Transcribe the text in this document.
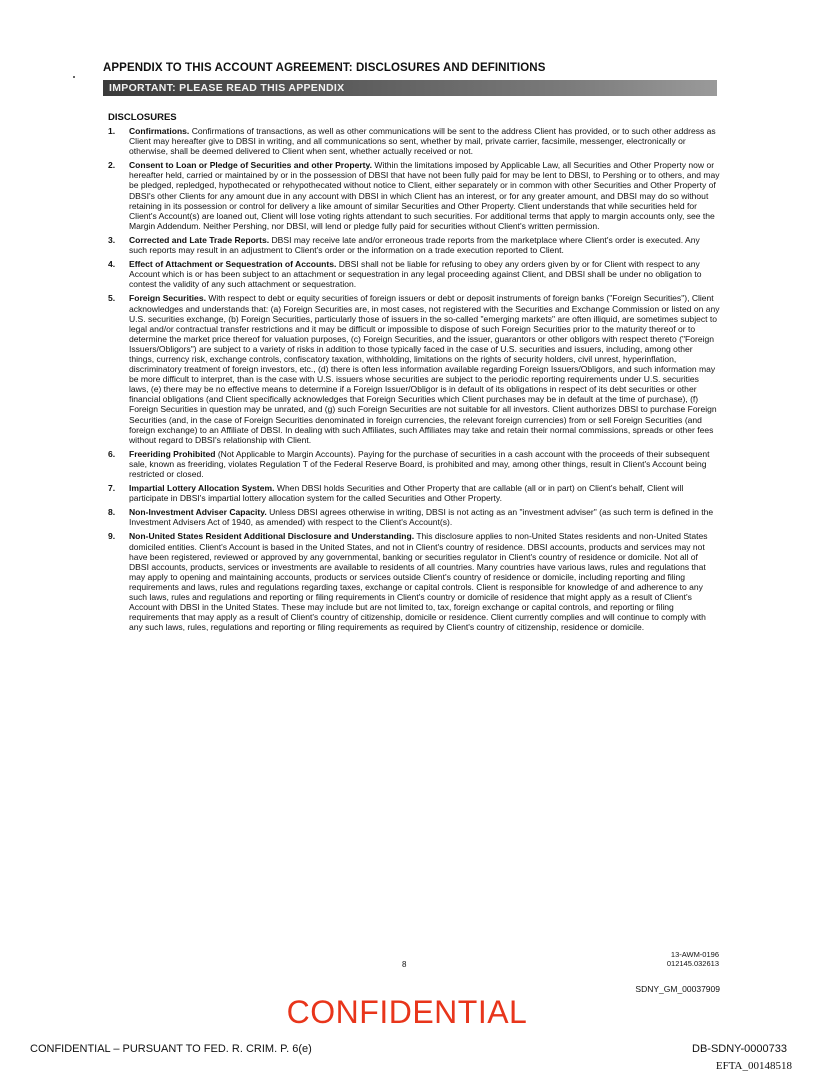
APPENDIX TO THIS ACCOUNT AGREEMENT: DISCLOSURES AND DEFINITIONS
IMPORTANT: PLEASE READ THIS APPENDIX
DISCLOSURES
1. Confirmations. Confirmations of transactions, as well as other communications will be sent to the address Client has provided, or to such other address as Client may hereafter give to DBSI in writing, and all communications so sent, whether by mail, private carrier, facsimile, messenger, electronically or otherwise, shall be deemed delivered to Client when sent, whether actually received or not.
2. Consent to Loan or Pledge of Securities and other Property. Within the limitations imposed by Applicable Law, all Securities and Other Property now or hereafter held, carried or maintained by or in the possession of DBSI that have not been fully paid for may be lent to DBSI, to Pershing or to others, and may be pledged, repledged, hypothecated or rehypothecated without notice to Client, either separately or in common with other Securities and Other Property of DBSI's other Clients for any amount due in any account with DBSI in which Client has an interest, or for any greater amount, and DBSI may do so without retaining in its possession or control for delivery a like amount of similar Securities and Other Property. Client understands that while securities held for Client's Account(s) are loaned out, Client will lose voting rights attendant to such securities. For additional terms that apply to margin accounts only, see the Margin Addendum. Neither Pershing, nor DBSI, will lend or pledge fully paid for securities without Client's written permission.
3. Corrected and Late Trade Reports. DBSI may receive late and/or erroneous trade reports from the marketplace where Client's order is executed. Any such reports may result in an adjustment to Client's order or the information on a trade execution reported to Client.
4. Effect of Attachment or Sequestration of Accounts. DBSI shall not be liable for refusing to obey any orders given by or for Client with respect to any Account which is or has been subject to an attachment or sequestration in any legal proceeding against Client, and DBSI shall be under no obligation to contest the validity of any such attachment or sequestration.
5. Foreign Securities. With respect to debt or equity securities of foreign issuers or debt or deposit instruments of foreign banks ("Foreign Securities"), Client acknowledges and understands that: (a) Foreign Securities are, in most cases, not registered with the Securities and Exchange Commission or listed on any U.S. securities exchange, (b) Foreign Securities, particularly those of issuers in the so-called "emerging markets" are often illiquid, are sometimes subject to legal and/or contractual transfer restrictions and it may be difficult or impossible to dispose of such Foreign Securities prior to the maturity thereof or to determine the market price thereof for valuation purposes, (c) Foreign Securities, and the issuer, guarantors or other obligors with respect thereto ("Foreign Issuers/Obligors") are subject to a variety of risks in addition to those typically faced in the case of U.S. securities and issuers, including, among other things, currency risk, exchange controls, confiscatory taxation, withholding, limitations on the rights of security holders, civil unrest, hyperinflation, discriminatory treatment of foreign investors, etc., (d) there is often less information available regarding Foreign Issuers/Obligors, and such information may be more difficult to interpret, than is the case with U.S. issuers whose securities are subject to the periodic reporting requirements under U.S. securities laws, (e) there may be no effective means to determine if a Foreign Issuer/Obligor is in default of its obligations in respect of its debt securities or other financial obligations (and Client specifically acknowledges that Foreign Securities which Client purchases may be in default at the time of purchase), (f) Foreign Securities in question may be unrated, and (g) such Foreign Securities are not suitable for all investors. Client authorizes DBSI to purchase Foreign Securities (and, in the case of Foreign Securities denominated in foreign currencies, the relevant foreign currencies) from or sell Foreign Securities (and foreign exchange) to an Affiliate of DBSI. In dealing with such Affiliates, such Affiliates may take and retain their normal commissions, spreads or other fees without regard to DBSI's relationship with Client.
6. Freeriding Prohibited (Not Applicable to Margin Accounts). Paying for the purchase of securities in a cash account with the proceeds of their subsequent sale, known as freeriding, violates Regulation T of the Federal Reserve Board, is prohibited and may, among other things, result in Client's Account being restricted or closed.
7. Impartial Lottery Allocation System. When DBSI holds Securities and Other Property that are callable (all or in part) on Client's behalf, Client will participate in DBSI's impartial lottery allocation system for the called Securities and Other Property.
8. Non-Investment Adviser Capacity. Unless DBSI agrees otherwise in writing, DBSI is not acting as an "investment adviser" (as such term is defined in the Investment Advisers Act of 1940, as amended) with respect to the Client's Account(s).
9. Non-United States Resident Additional Disclosure and Understanding. This disclosure applies to non-United States residents and non-United States domiciled entities. Client's Account is based in the United States, and not in Client's country of residence. DBSI accounts, products and services may not have been registered, reviewed or approved by any governmental, banking or securities regulator in Client's country of residence or domicile. Not all of DBSI accounts, products, services or investments are available to residents of all countries. Many countries have various laws, rules and regulations that may apply to opening and maintaining accounts, products or services outside Client's country of residence or domicile, including reporting and filing requirements and laws, rules and regulations regarding taxes, exchange or capital controls. Client is responsible for knowledge of and adherence to any such laws, rules and regulations and reporting or filing requirements in Client's country or domicile of residence that might apply as a result of Client's Account with DBSI in the United States. These may include but are not limited to, tax, foreign exchange or capital controls, and reporting or filing requirements that may apply as a result of Client's country of citizenship, domicile or residence. Client currently complies and will continue to comply with any such laws, rules, regulations and reporting or filing requirements as required by Client's country of citizenship, residence or domicile.
8
13-AWM-0196
012145.032613
SDNY_GM_00037909
CONFIDENTIAL
CONFIDENTIAL – PURSUANT TO FED. R. CRIM. P. 6(e)	DB-SDNY-0000733
EFTA_00148518
